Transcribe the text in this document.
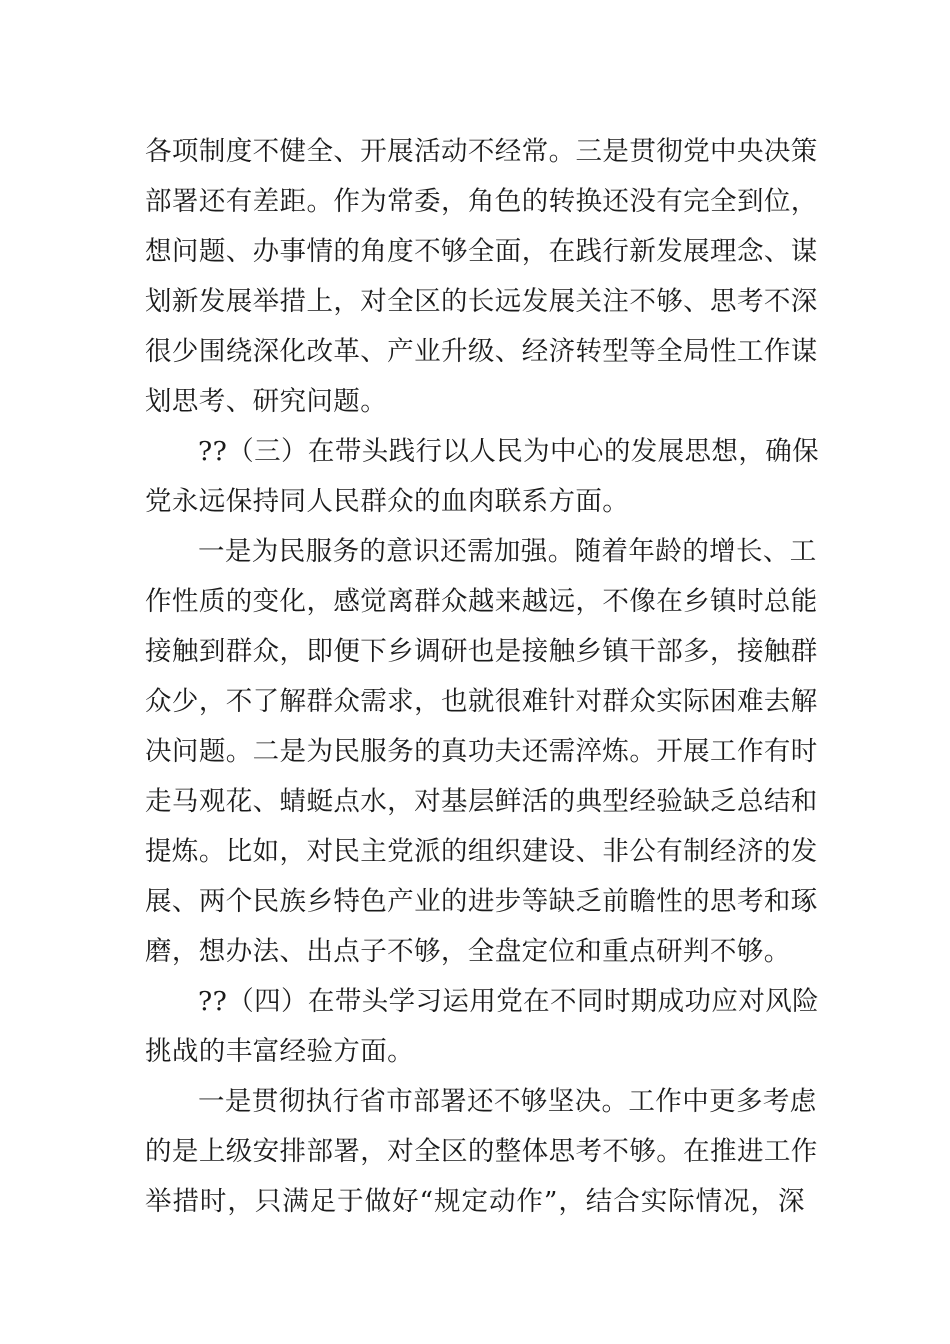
各 项 制 度 不 健 全 、 开 展 活 动 不 经 常 。 三 是 贯 彻 党 中 央 决 策
部 署 还 有 差 距 。 作 为 常 委 ， 角 色 的 转 换 还 没 有 完 全 到 位 ，
想 问 题 、 办 事 情 的 角 度 不 够 全 面 ， 在 践 行 新 发 展 理 念 、 谋
划 新 发 展 举 措 上 ， 对 全 区 的 长 远 发 展 关 注 不 够 、 思 考 不 深
很 少 围 绕 深 化 改 革 、 产 业 升 级 、 经 济 转 型 等 全 局 性 工 作 谋
划思考、研究问题。
??（三）在带头践行以人民为中心的发展思想，确保
党永远保持同人民群众的血肉联系方面。
一是为民服务的意识还需加强。随着年龄的增长、工
作 性 质 的 变 化 ， 感 觉 离 群 众 越 来 越 远 ， 不 像 在 乡 镇 时 总 能
接 触 到 群 众 ， 即 便 下 乡 调 研 也 是 接 触 乡 镇 干 部 多 ， 接 触 群
众 少 ， 不 了 解 群 众 需 求 ， 也 就 很 难 针 对 群 众 实 际 困 难 去 解
决 问 题 。 二 是 为 民 服 务 的 真 功 夫 还 需 淬 炼 。 开 展 工 作 有 时
走 马 观 花 、 蜻 蜓 点 水 ， 对 基 层 鲜 活 的 典 型 经 验 缺 乏 总 结 和
提 炼 。 比 如 ， 对 民 主 党 派 的 组 织 建 设 、 非 公 有 制 经 济 的 发
展 、 两 个 民 族 乡 特 色 产 业 的 进 步 等 缺 乏 前 瞻 性 的 思 考 和 琢
磨，想办法、出点子不够，全盘定位和重点研判不够。
??（四）在带头学习运用党在不同时期成功应对风险
挑战的丰富经验方面。
一是贯彻执行省市部署还不够坚决。工作中更多考虑
的 是 上 级 安 排 部 署 ， 对 全 区 的 整 体 思 考 不 够 。 在 推 进 工 作
举 措 时 ， 只 满 足 于 做 好 “ 规 定 动 作 ” ， 结 合 实 际 情 况 ， 深
